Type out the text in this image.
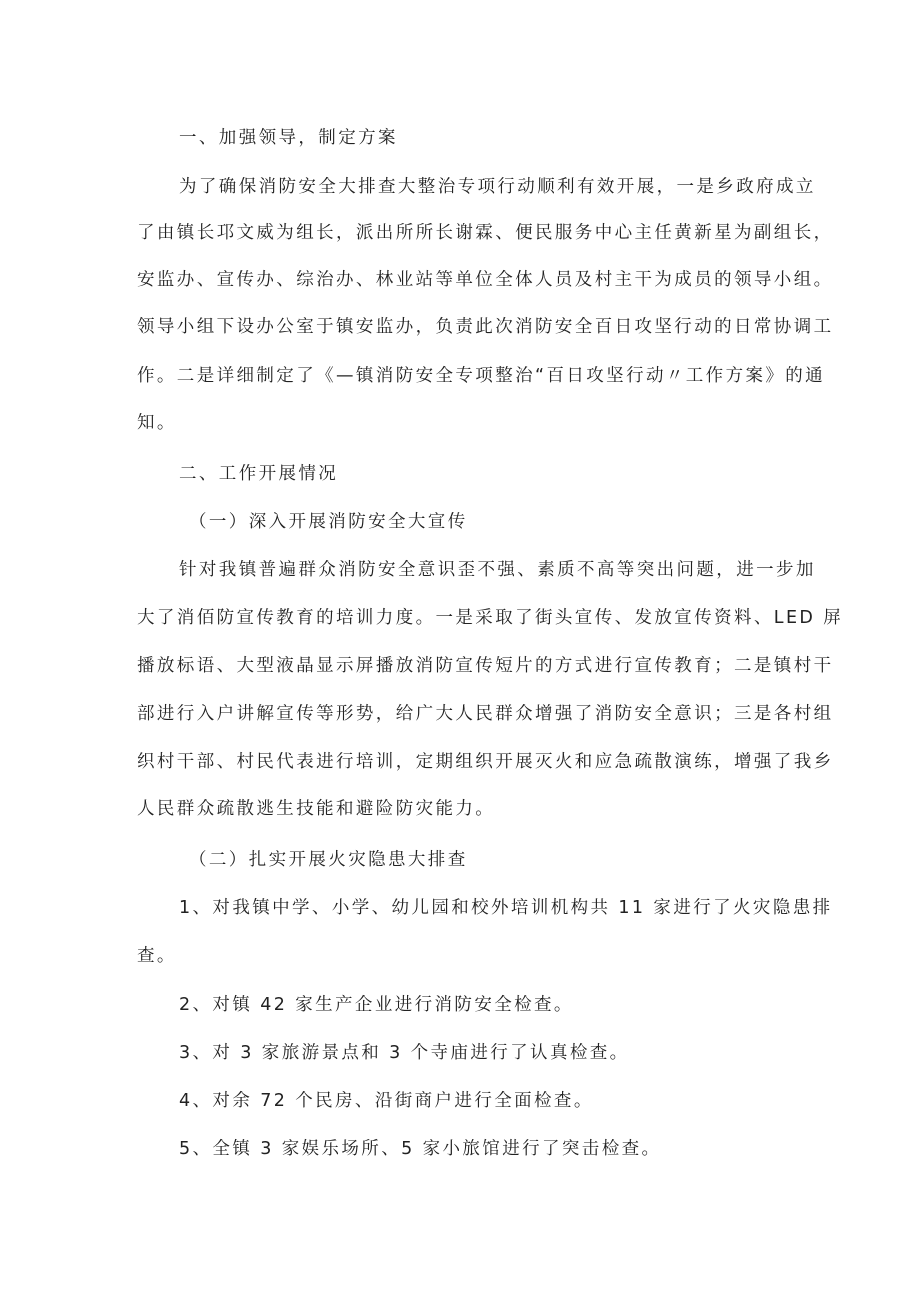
一、加强领导，制定方案
为了确保消防安全大排查大整治专项行动顺利有效开展，一是乡政府成立
了由镇长邛文威为组长，派出所所长谢霖、便民服务中心主任黄新星为副组长，
安监办、宣传办、综治办、林业站等单位全体人员及村主干为成员的领导小组。
领导小组下设办公室于镇安监办，负责此次消防安全百日攻坚行动的日常协调工
作。二是详细制定了《—镇消防安全专项整治“百日攻坚行动〃工作方案》的通
知。
二、工作开展情况
（一）深入开展消防安全大宣传
针对我镇普遍群众消防安全意识歪不强、素质不高等突出问题，进一步加
大了消佰防宣传教育的培训力度。一是采取了街头宣传、发放宣传资料、LED 屏
播放标语、大型液晶显示屏播放消防宣传短片的方式进行宣传教育；二是镇村干
部进行入户讲解宣传等形势，给广大人民群众增强了消防安全意识；三是各村组
织村干部、村民代表进行培训，定期组织开展灭火和应急疏散演练，增强了我乡
人民群众疏散逃生技能和避险防灾能力。
（二）扎实开展火灾隐患大排查
1、对我镇中学、小学、幼儿园和校外培训机构共 11 家进行了火灾隐患排
查。
2、对镇 42 家生产企业进行消防安全检查。
3、对 3 家旅游景点和 3 个寺庙进行了认真检查。
4、对余 72 个民房、沿街商户进行全面检查。
5、全镇 3 家娱乐场所、5 家小旅馆进行了突击检查。
